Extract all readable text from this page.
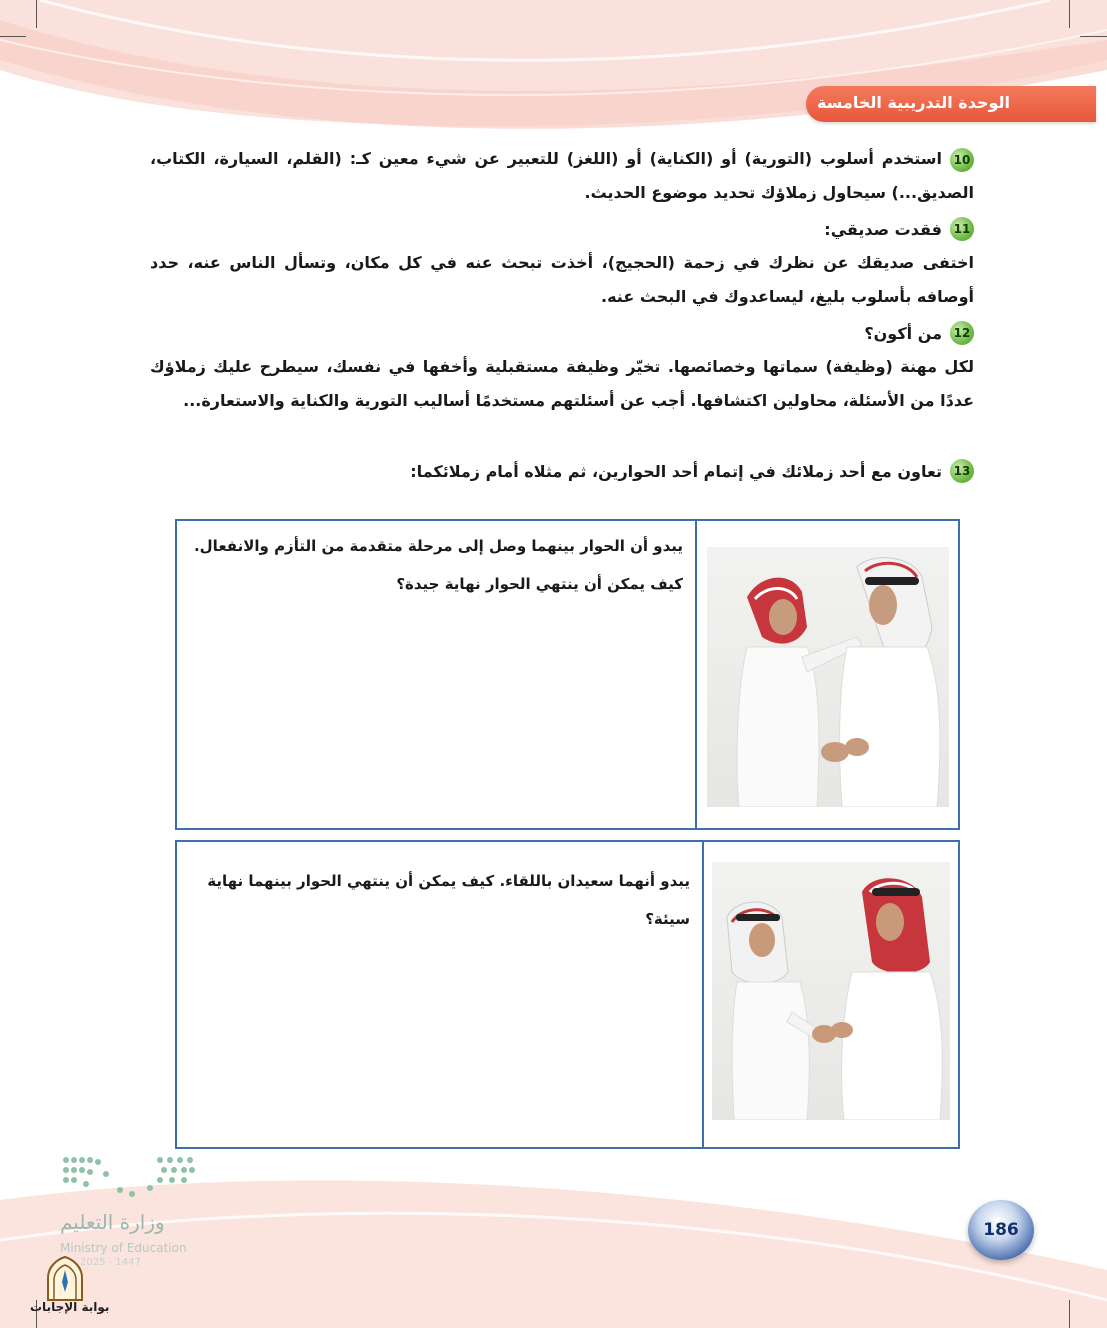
الوحدة التدريبية الخامسة

10استخدم أسلوب (التورية) أو (الكناية) أو (اللغز) للتعبير عن شيء معين كـ: (القلم، السيارة، الكتاب، الصديق...) سيحاول زملاؤك تحديد موضوع الحديث.

11
فقدت صديقي:

اختفى صديقك عن نظرك في زحمة (الحجيج)، أخذت تبحث عنه في كل مكان، وتسأل الناس عنه، حدد أوصافه بأسلوب بليغ، ليساعدوك في البحث عنه.

12
من أكون؟

لكل مهنة (وظيفة) سماتها وخصائصها. تخيّر وظيفة مستقبلية وأخفها في نفسك، سيطرح عليك زملاؤك عددًا من الأسئلة، محاولين اكتشافها. أجب عن أسئلتهم مستخدمًا أساليب التورية والكناية والاستعارة...

13
تعاون مع أحد زملائك في إتمام أحد الحوارين، ثم مثلاه أمام زملائكما:
يبدو أن الحوار بينهما وصل إلى مرحلة متقدمة من التأزم والانفعال.
كيف يمكن أن ينتهي الحوار نهاية جيدة؟
يبدو أنهما سعيدان باللقاء. كيف يمكن أن ينتهي الحوار بينهما نهاية سيئة؟
186
وزارة التعليم
Ministry of Education
2025 - 1447
بوابة الإجابات
